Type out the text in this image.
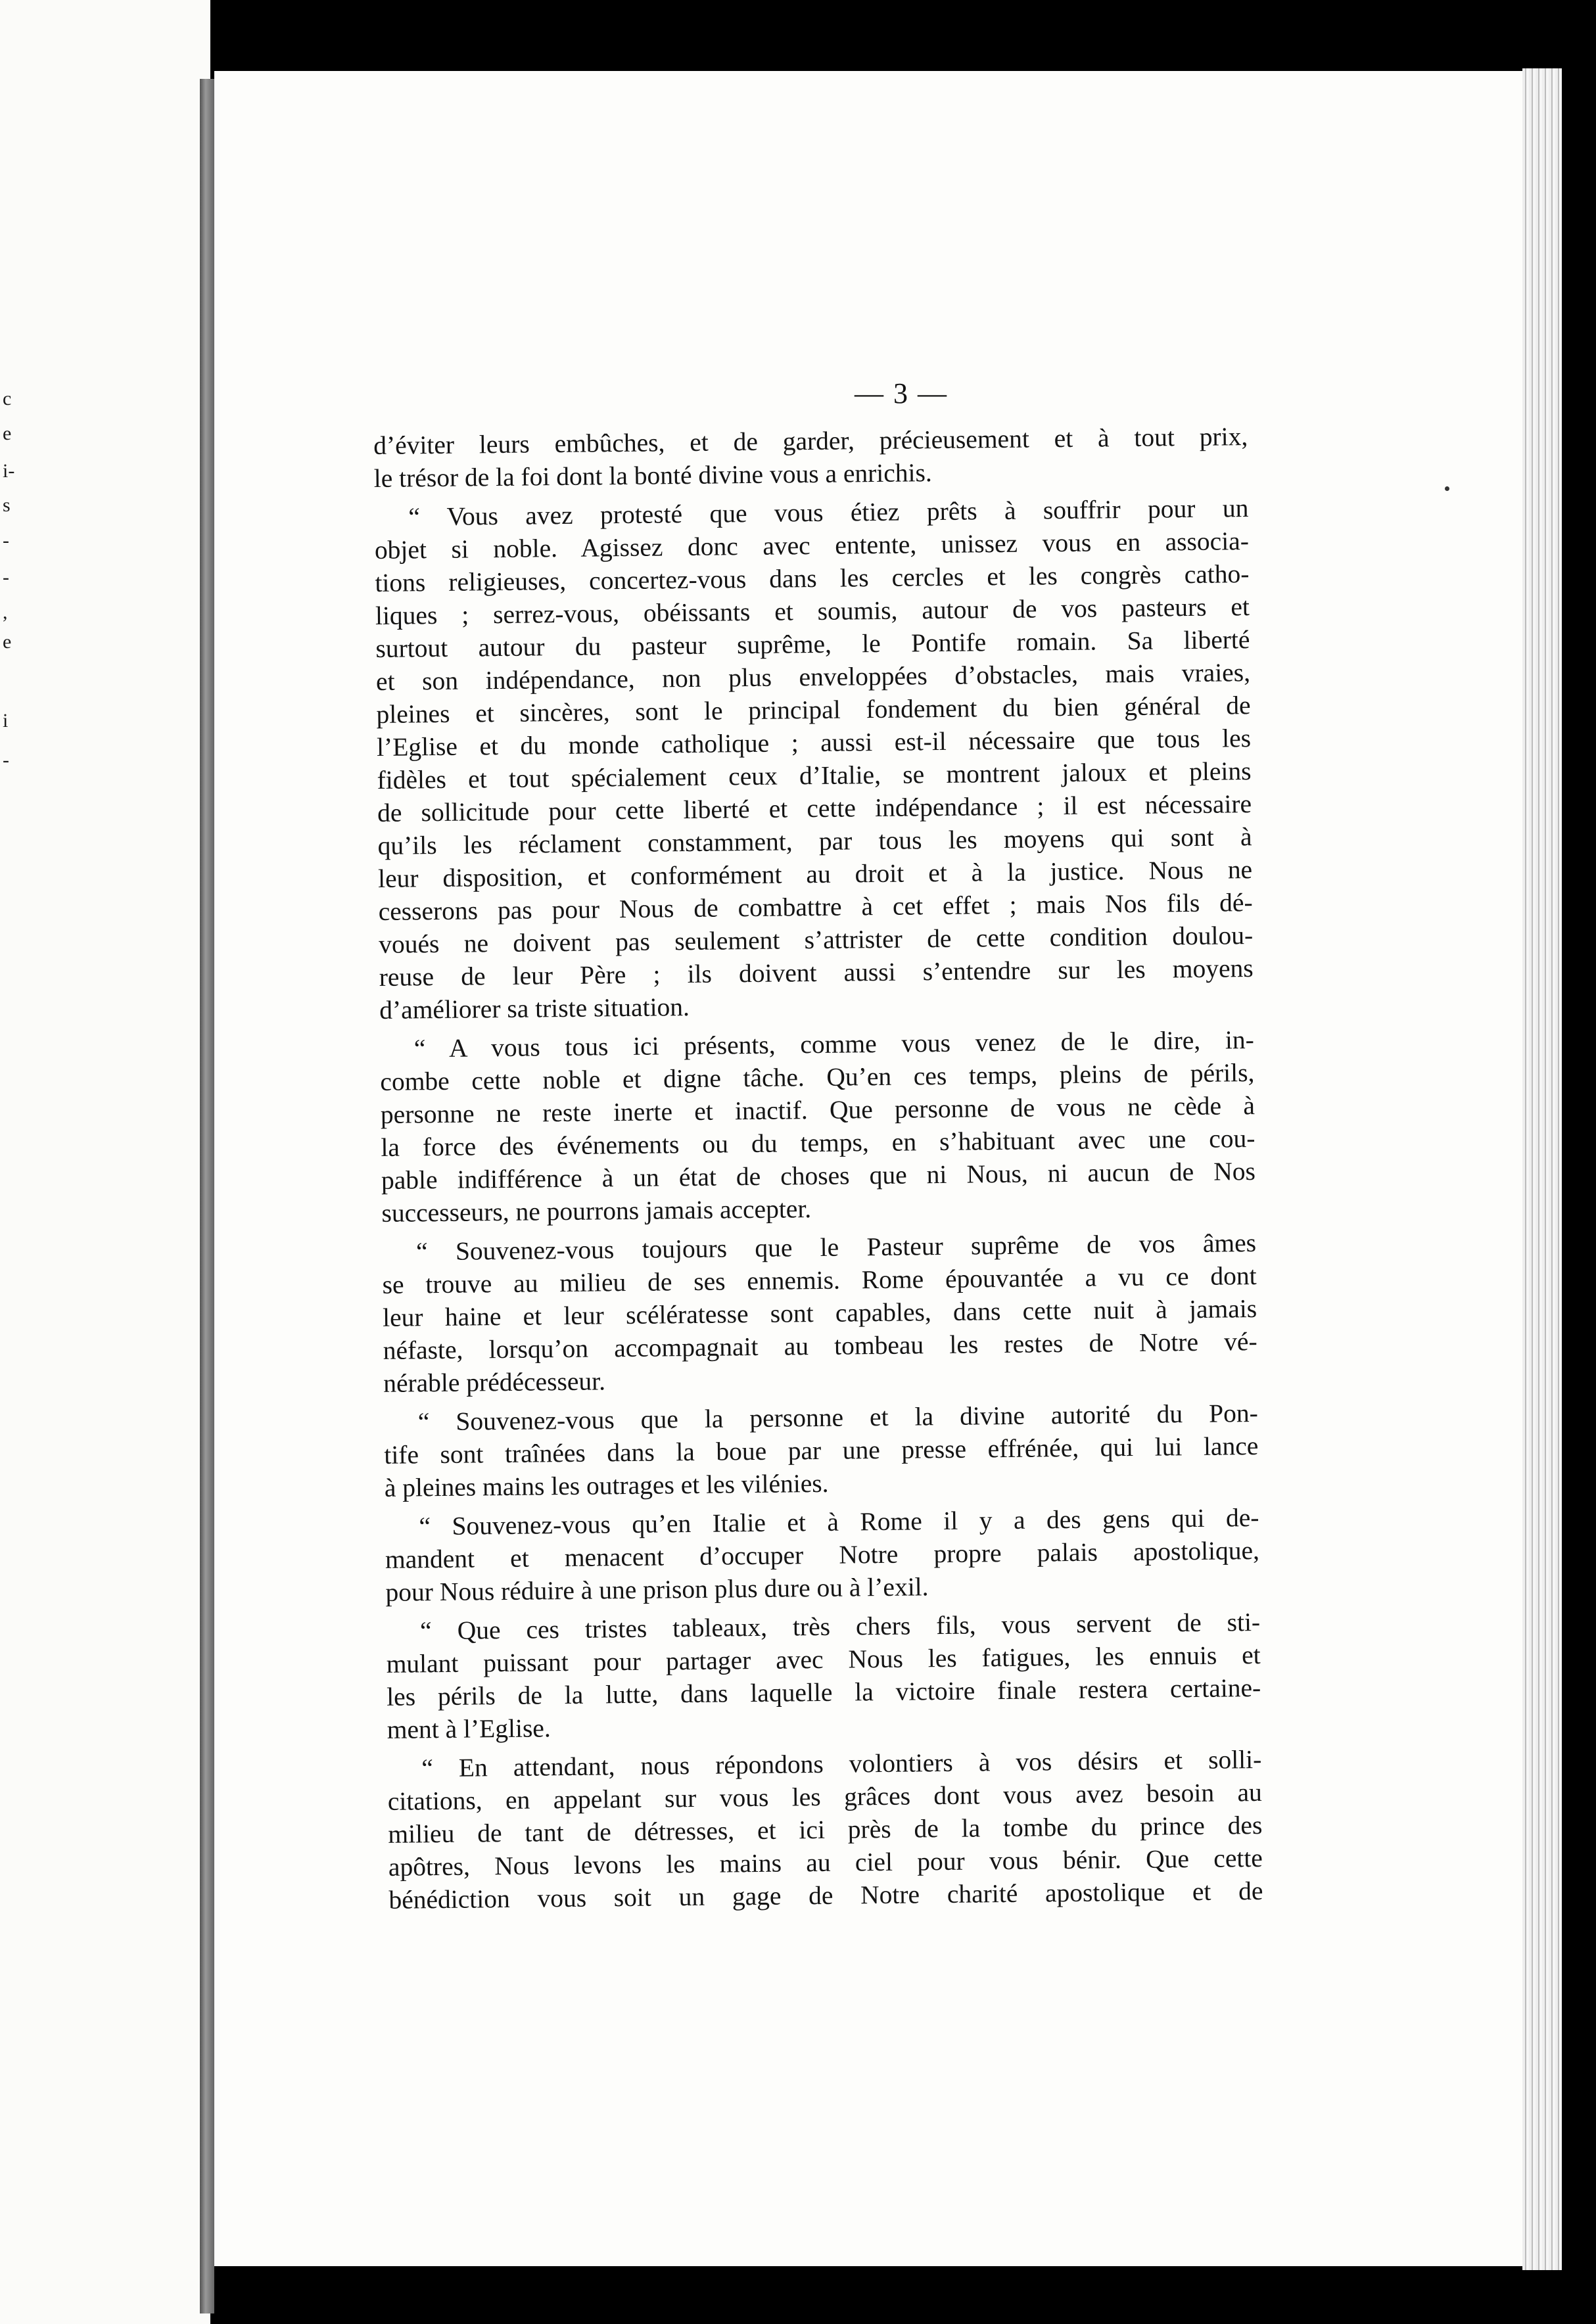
c
e
i-
s
-
-
,
e
i
-
— 3 —
d’éviter leurs embûches, et de garder, précieusement et à tout prix,
le trésor de la foi dont la bonté divine vous a enrichis.
“ Vous avez protesté que vous étiez prêts à souffrir pour un
objet si noble. Agissez donc avec entente, unissez vous en associa-
tions religieuses, concertez-vous dans les cercles et les congrès catho-
liques ; serrez-vous, obéissants et soumis, autour de vos pasteurs et
surtout autour du pasteur suprême, le Pontife romain. Sa liberté
et son indépendance, non plus enveloppées d’obstacles, mais vraies,
pleines et sincères, sont le principal fondement du bien général de
l’Eglise et du monde catholique ; aussi est-il nécessaire que tous les
fidèles et tout spécialement ceux d’Italie, se montrent jaloux et pleins
de sollicitude pour cette liberté et cette indépendance ; il est nécessaire
qu’ils les réclament constamment, par tous les moyens qui sont à
leur disposition, et conformément au droit et à la justice. Nous ne
cesserons pas pour Nous de combattre à cet effet ; mais Nos fils dé-
voués ne doivent pas seulement s’attrister de cette condition doulou-
reuse de leur Père ; ils doivent aussi s’entendre sur les moyens
d’améliorer sa triste situation.
“ A vous tous ici présents, comme vous venez de le dire, in-
combe cette noble et digne tâche. Qu’en ces temps, pleins de périls,
personne ne reste inerte et inactif. Que personne de vous ne cède à
la force des événements ou du temps, en s’habituant avec une cou-
pable indifférence à un état de choses que ni Nous, ni aucun de Nos
successeurs, ne pourrons jamais accepter.
“ Souvenez-vous toujours que le Pasteur suprême de vos âmes
se trouve au milieu de ses ennemis. Rome épouvantée a vu ce dont
leur haine et leur scélératesse sont capables, dans cette nuit à jamais
néfaste, lorsqu’on accompagnait au tombeau les restes de Notre vé-
nérable prédécesseur.
“ Souvenez-vous que la personne et la divine autorité du Pon-
tife sont traînées dans la boue par une presse effrénée, qui lui lance
à pleines mains les outrages et les vilénies.
“ Souvenez-vous qu’en Italie et à Rome il y a des gens qui de-
mandent et menacent d’occuper Notre propre palais apostolique,
pour Nous réduire à une prison plus dure ou à l’exil.
“ Que ces tristes tableaux, très chers fils, vous servent de sti-
mulant puissant pour partager avec Nous les fatigues, les ennuis et
les périls de la lutte, dans laquelle la victoire finale restera certaine-
ment à l’Eglise.
“ En attendant, nous répondons volontiers à vos désirs et solli-
citations, en appelant sur vous les grâces dont vous avez besoin au
milieu de tant de détresses, et ici près de la tombe du prince des
apôtres, Nous levons les mains au ciel pour vous bénir. Que cette
bénédiction vous soit un gage de Notre charité apostolique et de
